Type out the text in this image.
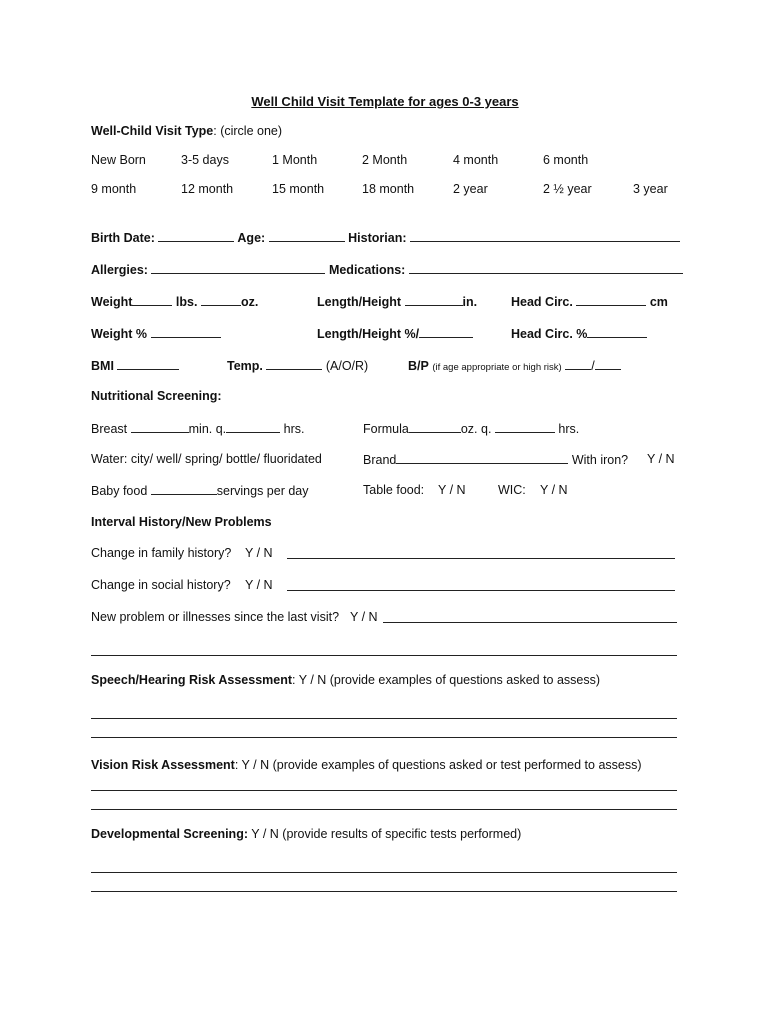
Well Child Visit Template for ages 0-3 years
Well-Child Visit Type: (circle one)
New Born	3-5 days	1 Month	2 Month	4 month	6 month
9 month	12 month	15 month	18 month	2 year	2 ½ year	3 year
Birth Date:	Age:	Historian:
Allergies:	Medications:
Weight	lbs.	oz.	Length/Height	in.	Head Circ.	cm
Weight %	Length/Height %/	Head Circ. %
BMI	Temp.	(A/O/R)	B/P (if age appropriate or high risk) /
Nutritional Screening:
Breast	min. q.	hrs.	Formula	oz. q.	hrs.
Water: city/ well/ spring/ bottle/ fluoridated	Brand	With iron? Y / N
Baby food	servings per day	Table food: Y / N	WIC: Y / N
Interval History/New Problems
Change in family history? Y / N
Change in social history? Y / N
New problem or illnesses since the last visit? Y / N
Speech/Hearing Risk Assessment: Y / N (provide examples of questions asked to assess)
Vision Risk Assessment: Y / N (provide examples of questions asked or test performed to assess)
Developmental Screening: Y / N (provide results of specific tests performed)
